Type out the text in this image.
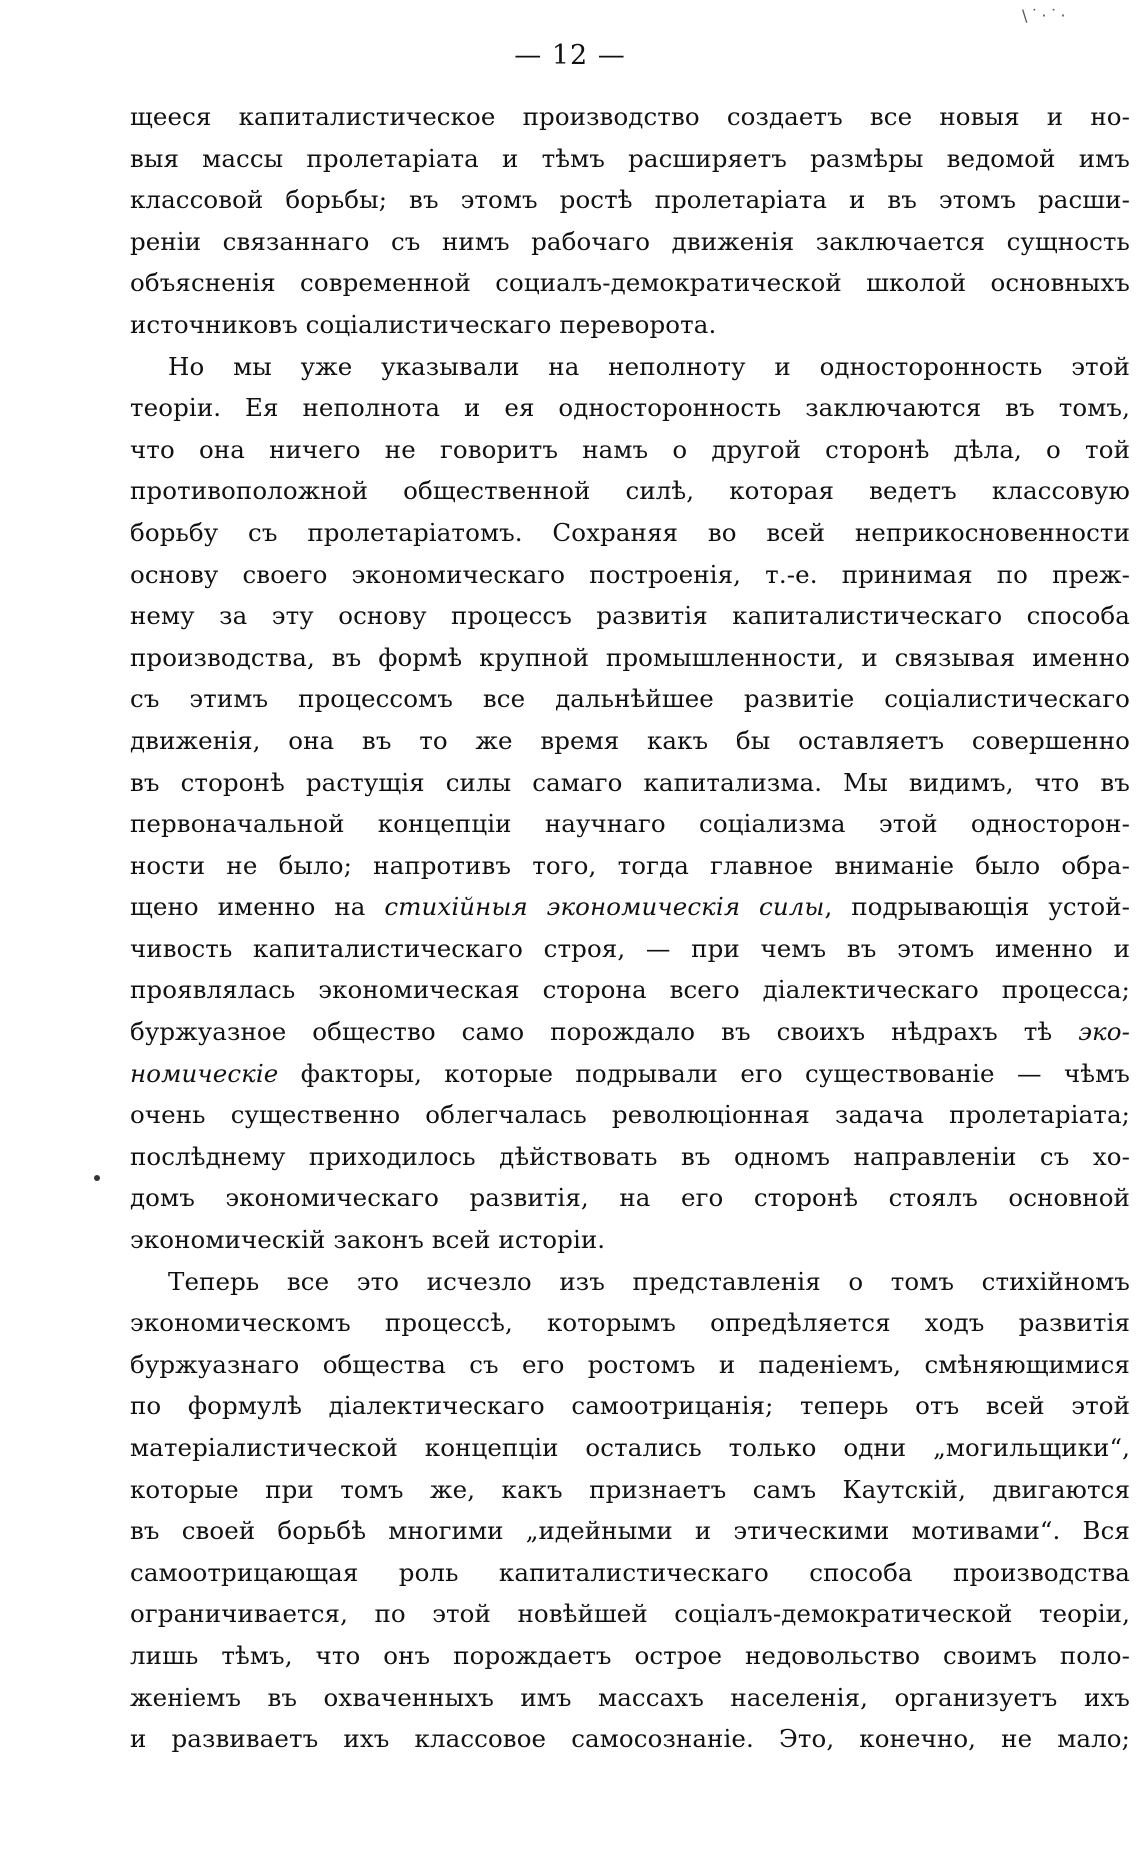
\˙·˙·
— 12 —
щееся капиталистическое производство создаетъ все новыя и но-
выя массы пролетаріата и тѣмъ расширяетъ размѣры ведомой имъ
классовой борьбы; въ этомъ ростѣ пролетаріата и въ этомъ расши-
реніи связаннаго съ нимъ рабочаго движенія заключается сущность
объясненія современной социалъ-демократической школой основныхъ
источниковъ соціалистическаго переворота.
Но мы уже указывали на неполноту и односторонность этой
теоріи. Ея неполнота и ея односторонность заключаются въ томъ,
что она ничего не говоритъ намъ о другой сторонѣ дѣла, о той
противоположной общественной силѣ, которая ведетъ классовую
борьбу съ пролетаріатомъ. Сохраняя во всей неприкосновенности
основу своего экономическаго построенія, т.-е. принимая по преж-
нему за эту основу процессъ развитія капиталистическаго способа
производства, въ формѣ крупной промышленности, и связывая именно
съ этимъ процессомъ все дальнѣйшее развитіе соціалистическаго
движенія, она въ то же время какъ бы оставляетъ совершенно
въ сторонѣ растущія силы самаго капитализма. Мы видимъ, что въ
первоначальной концепціи научнаго соціализма этой односторон-
ности не было; напротивъ того, тогда главное вниманіе было обра-
щено именно на стихійныя экономическія силы, подрывающія устой-
чивость капиталистическаго строя, — при чемъ въ этомъ именно и
проявлялась экономическая сторона всего діалектическаго процесса;
буржуазное общество само порождало въ своихъ нѣдрахъ тѣ эко-
номическіе факторы, которые подрывали его существованіе — чѣмъ
очень существенно облегчалась революціонная задача пролетаріата;
послѣднему приходилось дѣйствовать въ одномъ направленіи съ хо-
домъ экономическаго развитія, на его сторонѣ стоялъ основной
экономическій законъ всей исторіи.
Теперь все это исчезло изъ представленія о томъ стихійномъ
экономическомъ процессѣ, которымъ опредѣляется ходъ развитія
буржуазнаго общества съ его ростомъ и паденіемъ, смѣняющимися
по формулѣ діалектическаго самоотрицанія; теперь отъ всей этой
матеріалистической концепціи остались только одни „могильщики“,
которые при томъ же, какъ признаетъ самъ Каутскій, двигаются
въ своей борьбѣ многими „идейными и этическими мотивами“. Вся
самоотрицающая роль капиталистическаго способа производства
ограничивается, по этой новѣйшей соціалъ-демократической теоріи,
лишь тѣмъ, что онъ порождаетъ острое недовольство своимъ поло-
женіемъ въ охваченныхъ имъ массахъ населенія, организуетъ ихъ
и развиваетъ ихъ классовое самосознаніе. Это, конечно, не мало;
